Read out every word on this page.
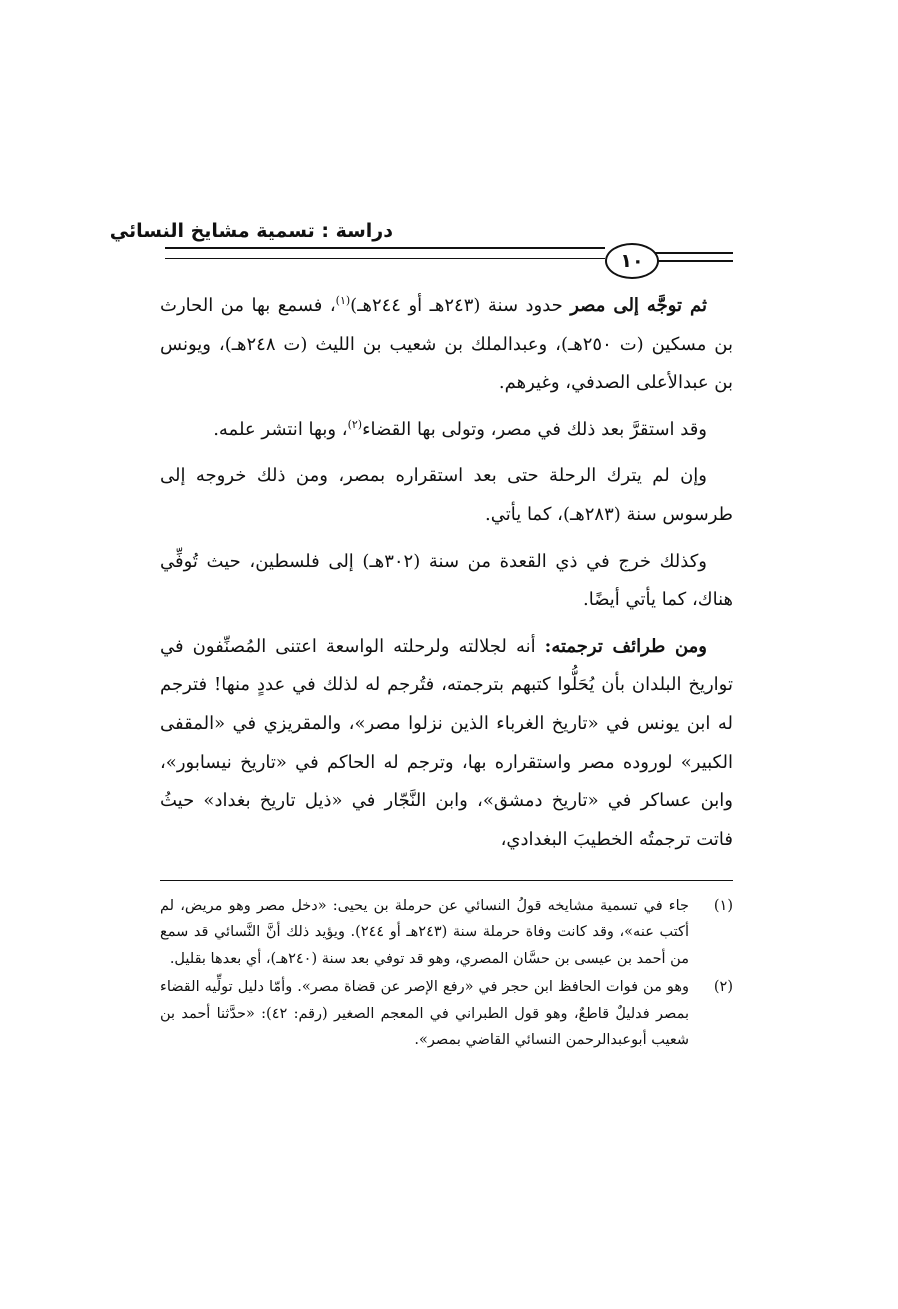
دراسة : تسمية مشايخ النسائي
١٠

ثم توجَّه إلى مصر حدود سنة (٢٤٣هـ أو ٢٤٤هـ)$^{(١)}$، فسمع بها من الحارث بن مسكين (ت ٢٥٠هـ)، وعبدالملك بن شعيب بن الليث (ت ٢٤٨هـ)، ويونس بن عبدالأعلى الصدفي، وغيرهم.

وقد استقرَّ بعد ذلك في مصر، وتولى بها القضاء$^{(٢)}$، وبها انتشر علمه.

وإن لم يترك الرحلة حتى بعد استقراره بمصر، ومن ذلك خروجه إلى طرسوس سنة (٢٨٣هـ)، كما يأتي.

وكذلك خرج في ذي القعدة من سنة (٣٠٢هـ) إلى فلسطين، حيث تُوفِّي هناك، كما يأتي أيضًا.

ومن طرائف ترجمته: أنه لجلالته ولرحلته الواسعة اعتنى المُصنِّفون في تواريخ البلدان بأن يُحَلُّوا كتبهم بترجمته، فتُرجم له لذلك في عددٍ منها! فترجم له ابن يونس في «تاريخ الغرباء الذين نزلوا مصر»، والمقريزي في «المقفى الكبير» لوروده مصر واستقراره بها، وترجم له الحاكم في «تاريخ نيسابور»، وابن عساكر في «تاريخ دمشق»، وابن النَّجّار في «ذيل تاريخ بغداد» حيثُ فاتت ترجمتُه الخطيبَ البغدادي،

(١)
جاء في تسمية مشايخه قولُ النسائي عن حرملة بن يحيى: «دخل مصر وهو مريض، لم أكتب عنه»، وقد كانت وفاة حرملة سنة (٢٤٣هـ أو ٢٤٤). ويؤيد ذلك أنَّ النَّسائي قد سمع من أحمد بن عيسى بن حسَّان المصري، وهو قد توفي بعد سنة (٢٤٠هـ)، أي بعدها بقليل.
(٢)
وهو من فوات الحافظ ابن حجر في «رفع الإصر عن قضاة مصر». وأمّا دليل تولِّيه القضاء بمصر فدليلٌ قاطعٌ، وهو قول الطبراني في المعجم الصغير (رقم: ٤٢): «حدَّثنا أحمد بن شعيب أبوعبدالرحمن النسائي القاضي بمصر».
